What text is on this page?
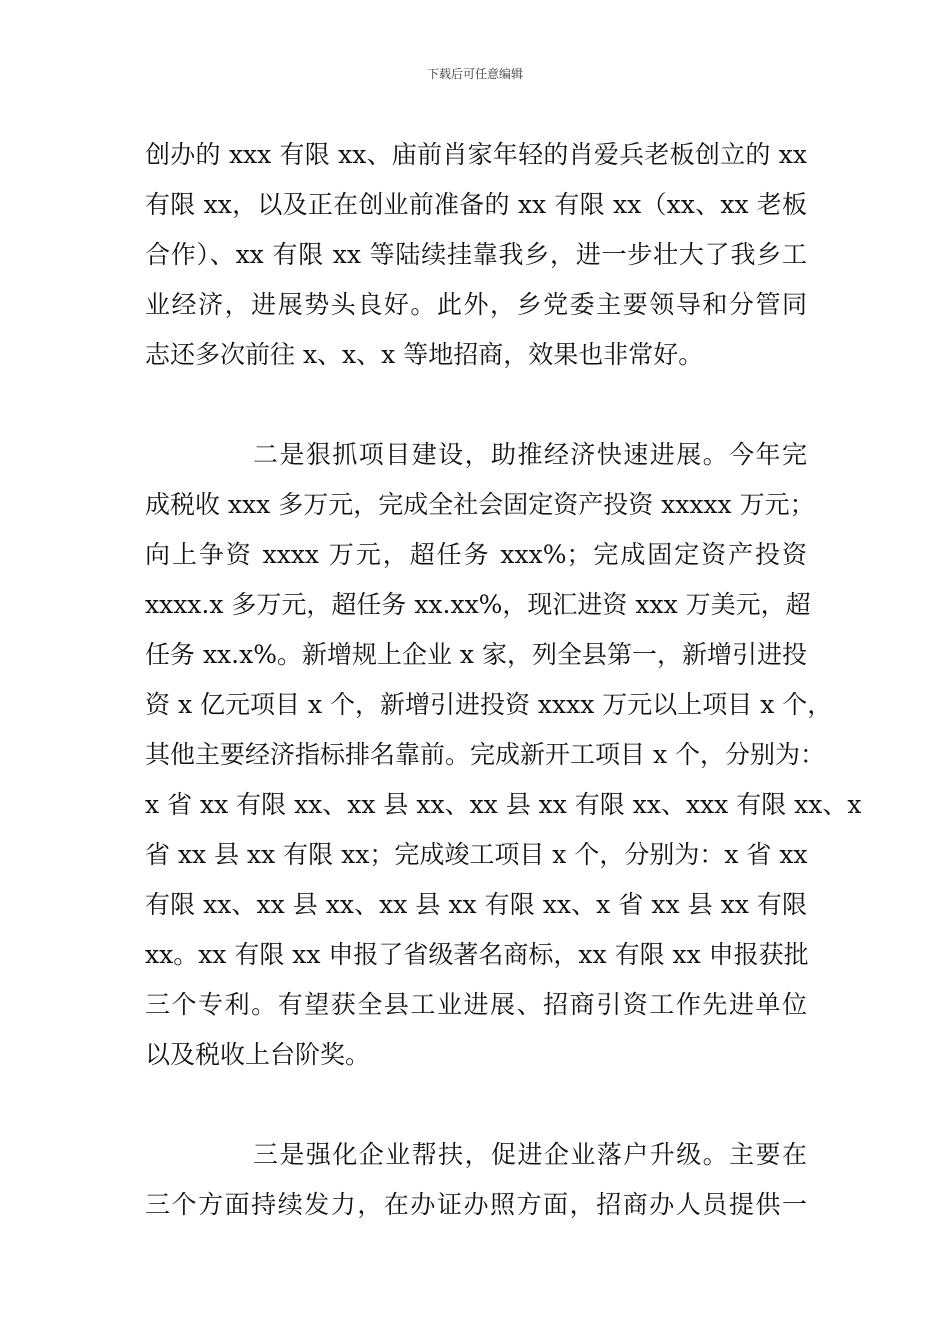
下载后可任意编辑
创办的 xxx 有限 xx、庙前肖家年轻的肖爱兵老板创立的 xx
有限 xx，以及正在创业前准备的 xx 有限 xx（xx、xx 老板
合作）、xx 有限 xx 等陆续挂靠我乡，进一步壮大了我乡工
业经济，进展势头良好。此外，乡党委主要领导和分管同
志还多次前往 x、x、x 等地招商，效果也非常好。
二是狠抓项目建设，助推经济快速进展。今年完
成税收 xxx 多万元，完成全社会固定资产投资 xxxxx 万元；
向上争资 xxxx 万元，超任务 xxx%；完成固定资产投资
xxxx.x 多万元，超任务 xx.xx%，现汇进资 xxx 万美元，超
任务 xx.x%。新增规上企业 x 家，列全县第一，新增引进投
资 x 亿元项目 x 个，新增引进投资 xxxx 万元以上项目 x 个，
其他主要经济指标排名靠前。完成新开工项目 x 个，分别为：
x 省 xx 有限 xx、xx 县 xx、xx 县 xx 有限 xx、xxx 有限 xx、x
省 xx 县 xx 有限 xx；完成竣工项目 x 个，分别为：x 省 xx
有限 xx、xx 县 xx、xx 县 xx 有限 xx、x 省 xx 县 xx 有限
xx。xx 有限 xx 申报了省级著名商标，xx 有限 xx 申报获批
三个专利。有望获全县工业进展、招商引资工作先进单位
以及税收上台阶奖。
三是强化企业帮扶，促进企业落户升级。主要在
三个方面持续发力，在办证办照方面，招商办人员提供一
